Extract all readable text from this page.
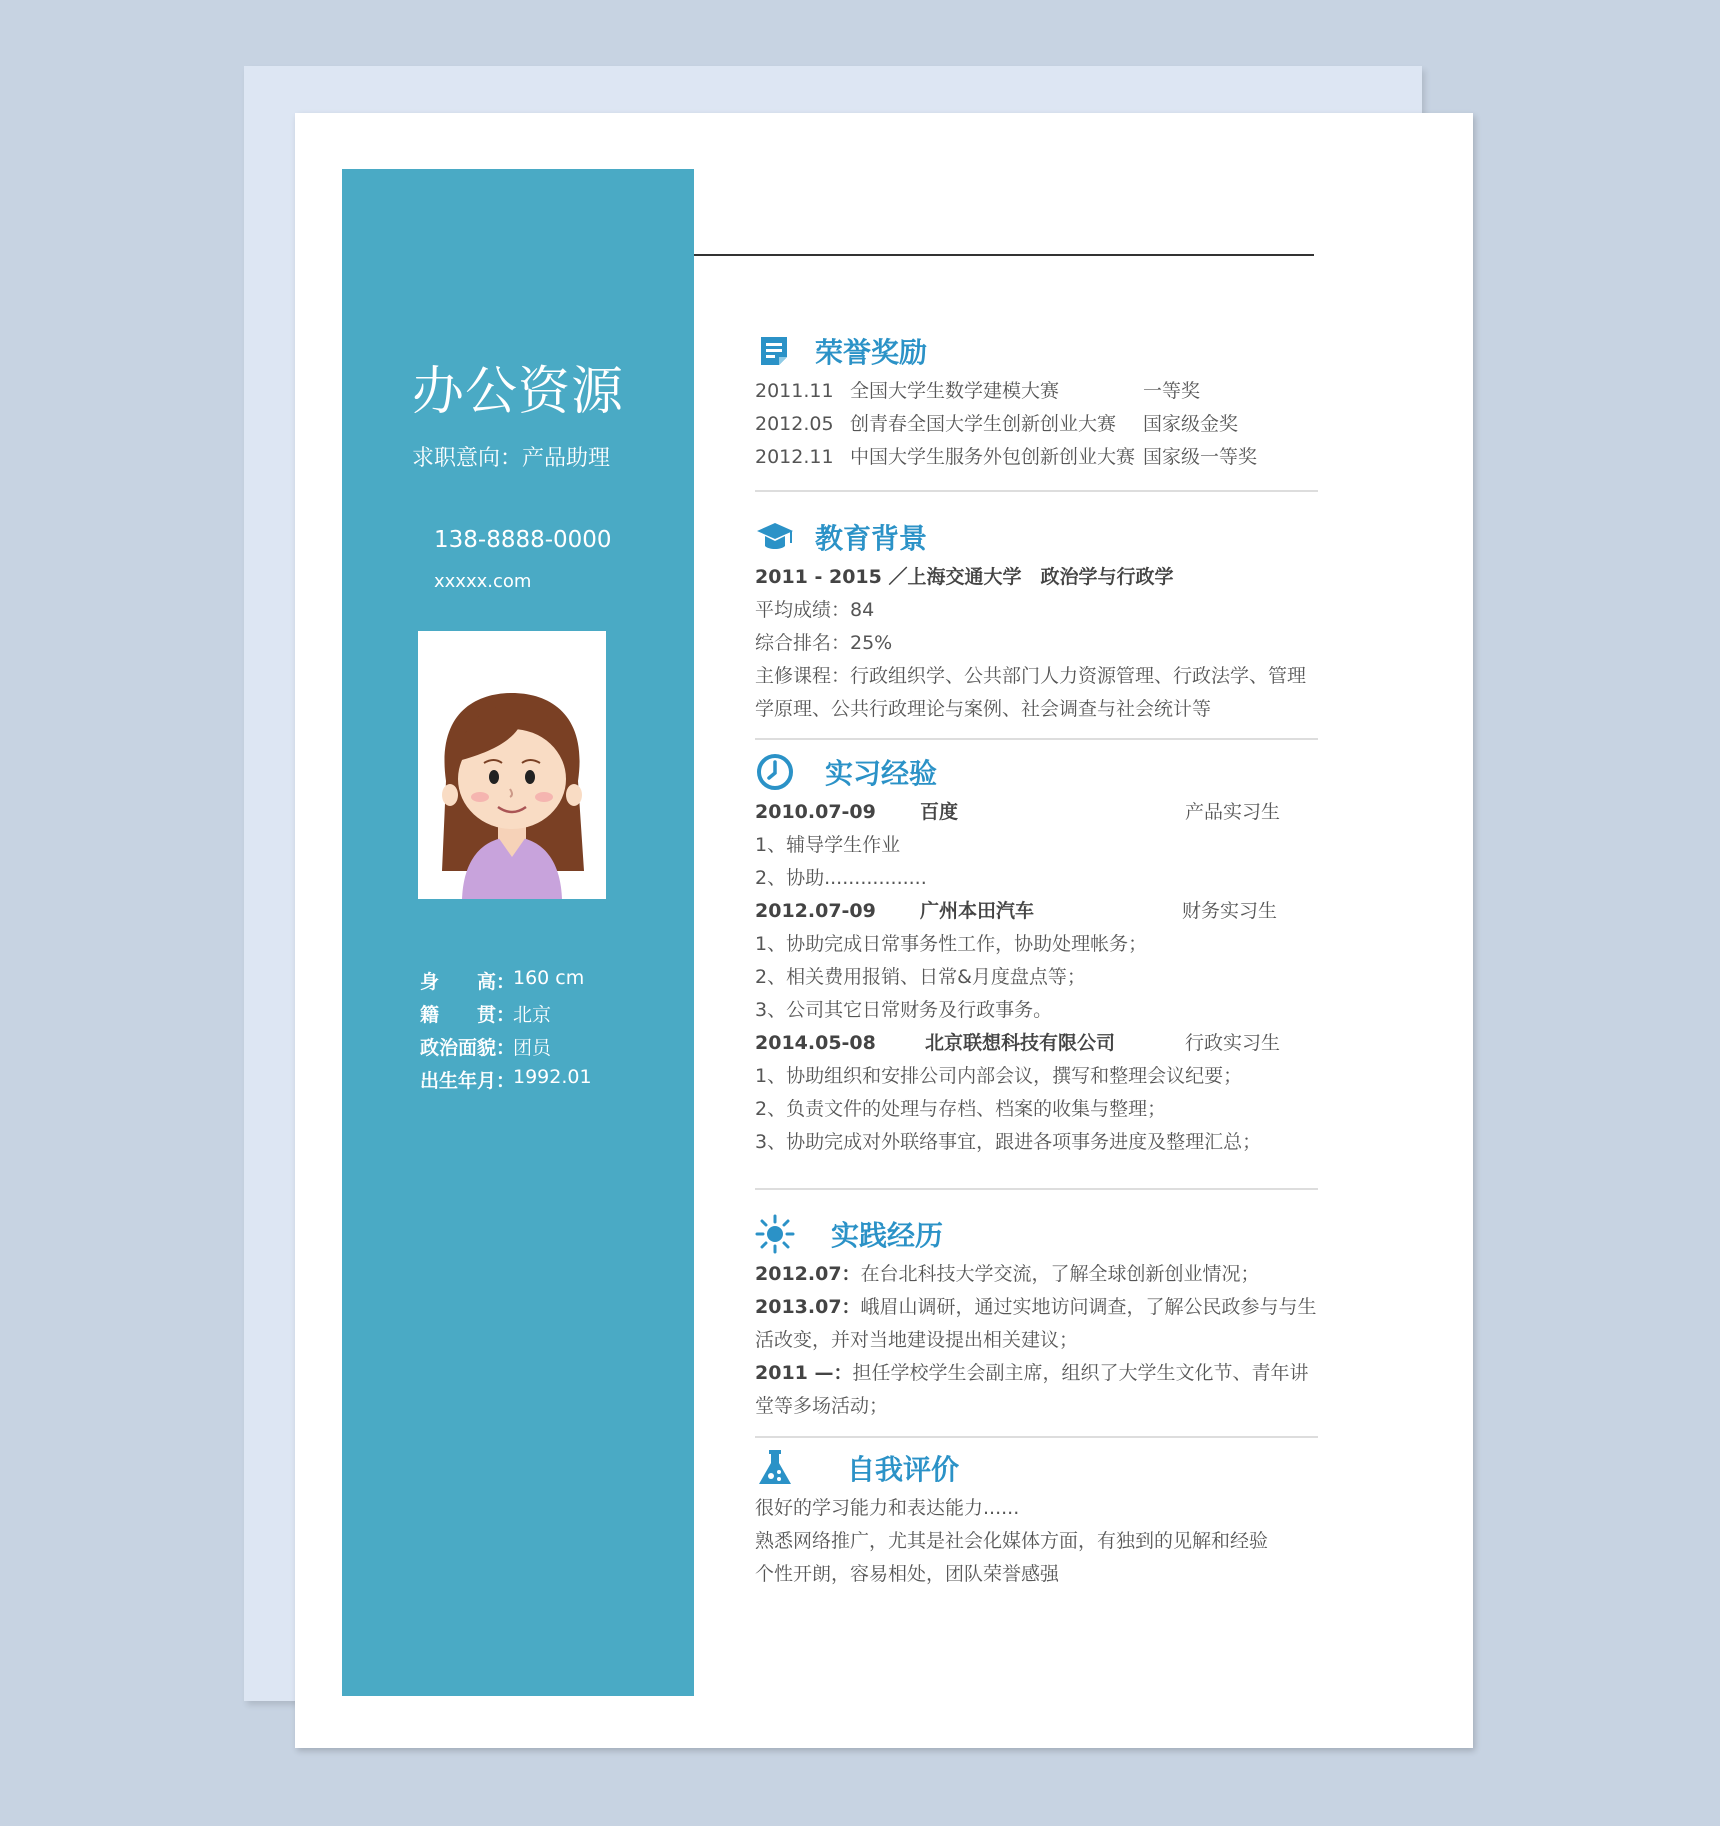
办公资源
求职意向：产品助理
138-8888-0000
xxxxx.com
身　　高：
160 cm
籍　　贯：
北京
政治面貌：
团员
出生年月：
1992.01
荣誉奖励
2011.11 全国大学生数学建模大赛	一等奖
2012.05 创青春全国大学生创新创业大赛 国家级金奖
2012.11 中国大学生服务外包创新创业大赛 国家级一等奖
教育背景
2011 - 2015 ／上海交通大学　政治学与行政学
平均成绩：84
综合排名：25%
主修课程：行政组织学、公共部门人力资源管理、行政法学、管理学原理、公共行政理论与案例、社会调查与社会统计等
实习经验
2010.07-09 百度	产品实习生
1、辅导学生作业
2、协助.................
2012.07-09 广州本田汽车	财务实习生
1、协助完成日常事务性工作，协助处理帐务；
2、相关费用报销、日常&月度盘点等；
3、公司其它日常财务及行政事务。
2014.05-08	北京联想科技有限公司	行政实习生
1、协助组织和安排公司内部会议，撰写和整理会议纪要；
2、负责文件的处理与存档、档案的收集与整理；
3、协助完成对外联络事宜，跟进各项事务进度及整理汇总；
实践经历
2012.07：在台北科技大学交流，了解全球创新创业情况；
2013.07：峨眉山调研，通过实地访问调查，了解公民政参与与生活改变，并对当地建设提出相关建议；
2011 —：担任学校学生会副主席，组织了大学生文化节、青年讲堂等多场活动；
自我评价
很好的学习能力和表达能力......
熟悉网络推广，尤其是社会化媒体方面，有独到的见解和经验
个性开朗，容易相处，团队荣誉感强
